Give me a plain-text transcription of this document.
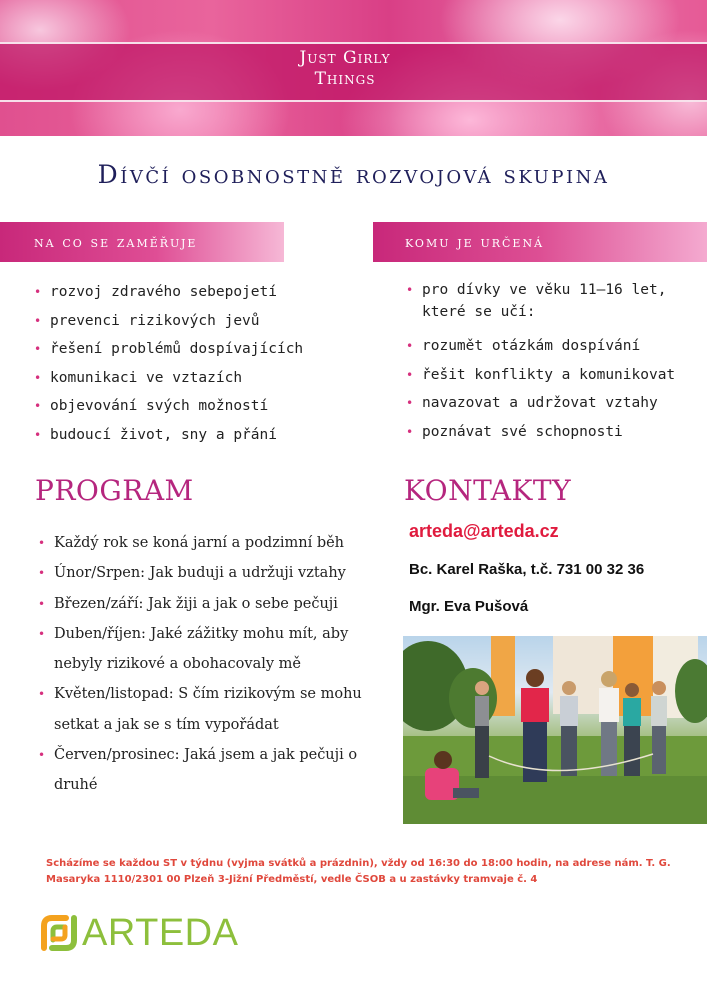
Just Girly
Things
Dívčí osobnostně rozvojová skupina
na co se zaměřuje	komu je určená
• rozvoj zdravého sebepojetí
• prevenci rizikových jevů
• řešení problémů dospívajících
• komunikaci ve vztazích
• objevování svých možností
• budoucí život, sny a přání
• pro dívky ve věku 11–16 let, které se učí:
• rozumět otázkám dospívání
• řešit konflikty a komunikovat
• navazovat a udržovat vztahy
• poznávat své schopnosti
PROGRAM	KONTAKTY
• Každý rok se koná jarní a podzimní běh
• Únor/Srpen: Jak buduji a udržuji vztahy
• Březen/září: Jak žiji a jak o sebe pečuji
• Duben/říjen: Jaké zážitky mohu mít, aby nebyly rizikové a obohacovaly mě
• Květen/listopad: S čím rizikovým se mohu setkat a jak se s tím vypořádat
• Červen/prosinec: Jaká jsem a jak pečuji o druhé
arteda@arteda.cz
Bc. Karel Raška, t.č. 731 00 32 36
Mgr. Eva Pušová
Scházíme se každou ST v týdnu (vyjma svátků a prázdnin), vždy od 16:30 do 18:00 hodin, na adrese nám. T. G. Masaryka 1110/2301 00 Plzeň 3-Jižní Předměstí, vedle ČSOB a u zastávky tramvaje č. 4
ARTEDA
